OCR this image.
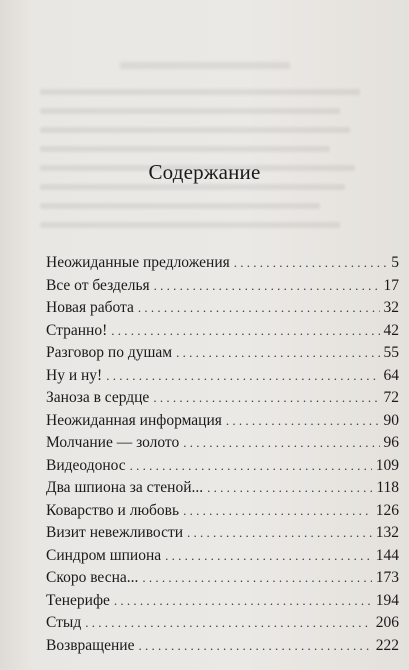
Содержание
Неожиданные предложения . . .	5
Все от безделья . . .	17
Новая работа . . .	32
Странно! . . .	42
Разговор по душам . . .	55
Ну и ну! . . .	64
Заноза в сердце . . .	72
Неожиданная информация . . .	90
Молчание — золото . . .	96
Видеодонос . . .	109
Два шпиона за стеной... . . .	118
Коварство и любовь . . .	126
Визит невежливости . . .	132
Синдром шпиона . . .	144
Скоро весна... . . .	173
Тенерифе . . .	194
Стыд . . .	206
Возвращение . . .	222
